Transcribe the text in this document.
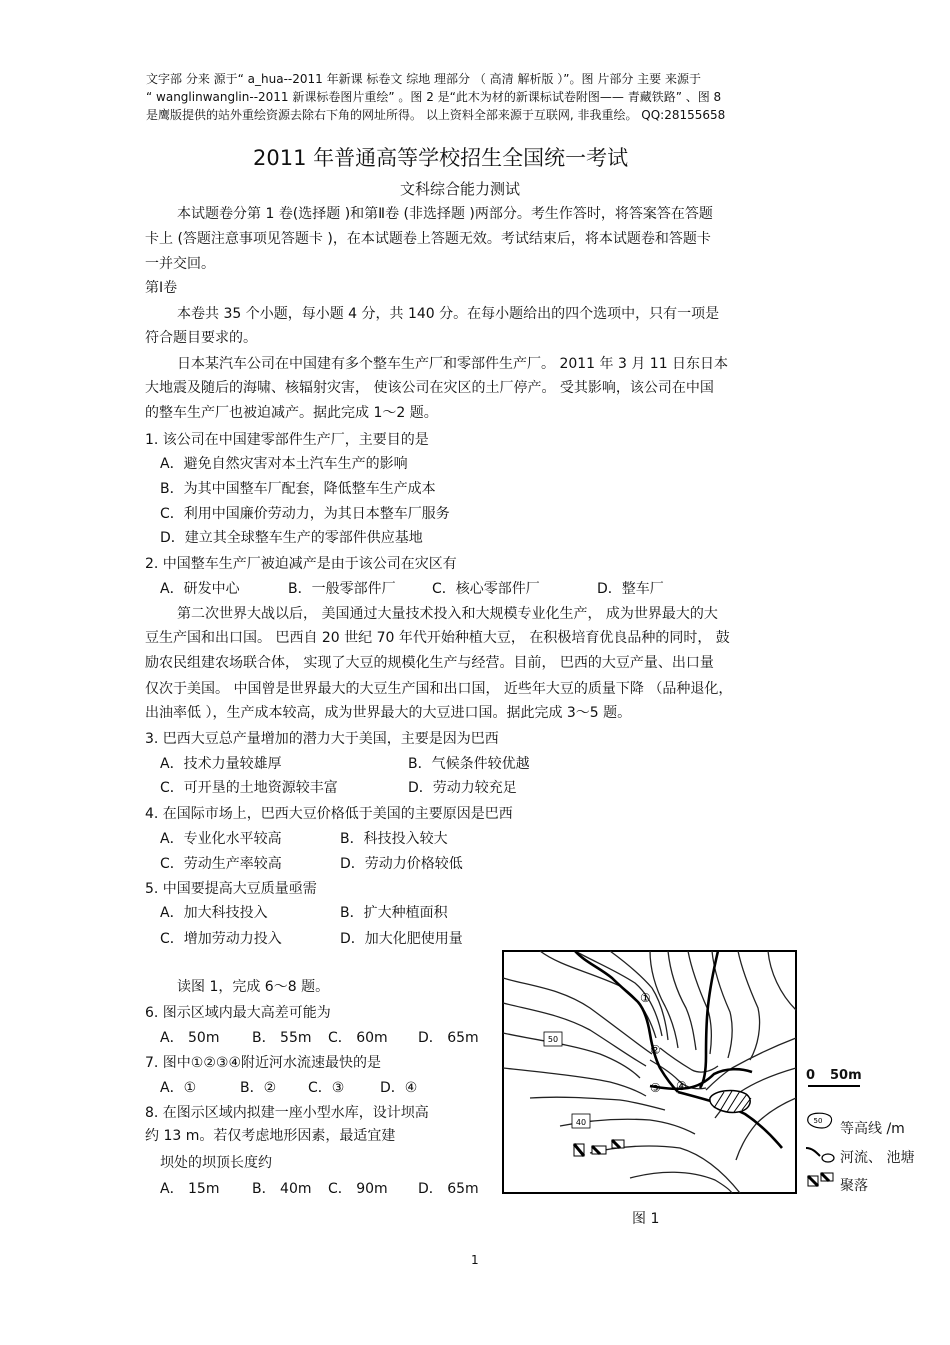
文字部 分来 源于“ a_hua--2011 年新课 标卷文 综地 理部分 （ 高清 解析版 ）”。图 片部分 主要 来源于
“ wanglinwanglin--2011 新课标卷图片重绘” 。图 2 是“此木为材的新课标试卷附图—— 青藏铁路” 、图 8
是鹰版提供的站外重绘资源去除右下角的网址所得。 以上资料全部来源于互联网, 非我重绘。 QQ:28155658
2011 年普通高等学校招生全国统一考试
文科综合能力测试
本试题卷分第 1 卷(选择题 )和第Ⅱ卷 (非选择题 )两部分。考生作答时，将答案答在答题
卡上 (答题注意事项见答题卡 )，在本试题卷上答题无效。考试结束后，将本试题卷和答题卡
一并交回。
第Ⅰ卷
本卷共 35 个小题，每小题 4 分，共 140 分。在每小题给出的四个选项中，只有一项是
符合题目要求的。
日本某汽车公司在中国建有多个整车生产厂和零部件生产厂。 2011 年 3 月 11 日东日本
大地震及随后的海啸、核辐射灾害， 使该公司在灾区的土厂停产。 受其影响，该公司在中国
的整车生产厂也被迫减产。据此完成 1～2 题。
1. 该公司在中国建零部件生产厂，主要目的是
A．避免自然灾害对本土汽车生产的影响
B．为其中国整车厂配套，降低整车生产成本
C．利用中国廉价劳动力，为其日本整车厂服务
D．建立其全球整车生产的零部件供应基地
2. 中国整车生产厂被迫减产是由于该公司在灾区有
A．研发中心	B．一般零部件厂	C．核心零部件厂	D．整车厂
第二次世界大战以后， 美国通过大量技术投入和大规模专业化生产， 成为世界最大的大
豆生产国和出口国。 巴西自 20 世纪 70 年代开始种植大豆， 在积极培育优良品种的同时， 鼓
励农民组建农场联合体， 实现了大豆的规模化生产与经营。目前， 巴西的大豆产量、出口量
仅次于美国。 中国曾是世界最大的大豆生产国和出口国， 近些年大豆的质量下降 （品种退化，
出油率低 ），生产成本较高，成为世界最大的大豆进口国。据此完成 3～5 题。
3. 巴西大豆总产量增加的潜力大于美国，主要是因为巴西
A．技术力量较雄厚	B．气候条件较优越
C．可开垦的土地资源较丰富	D．劳动力较充足
4. 在国际市场上，巴西大豆价格低于美国的主要原因是巴西
A．专业化水平较高	B．科技投入较大
C．劳动生产率较高	D．劳动力价格较低
5. 中国要提高大豆质量亟需
A．加大科技投入	B．扩大种植面积
C．增加劳动力投入	D．加大化肥使用量
读图 1，完成 6～8 题。
6. 图示区域内最大高差可能为
A． 50m B． 55m C． 60m D． 65m
7. 图中①②③④附近河水流速最快的是
A．①	B．② C．③	D．④
8. 在图示区域内拟建一座小型水库，设计坝高
约 13 m。若仅考虑地形因素，最适宜建
坝处的坝顶长度约
A． 15m B． 40m C． 90m D． 65m
50
40
①
②
③ ④
0 50m
50 等高线 /m
河流、 池塘
聚落
图 1
1
